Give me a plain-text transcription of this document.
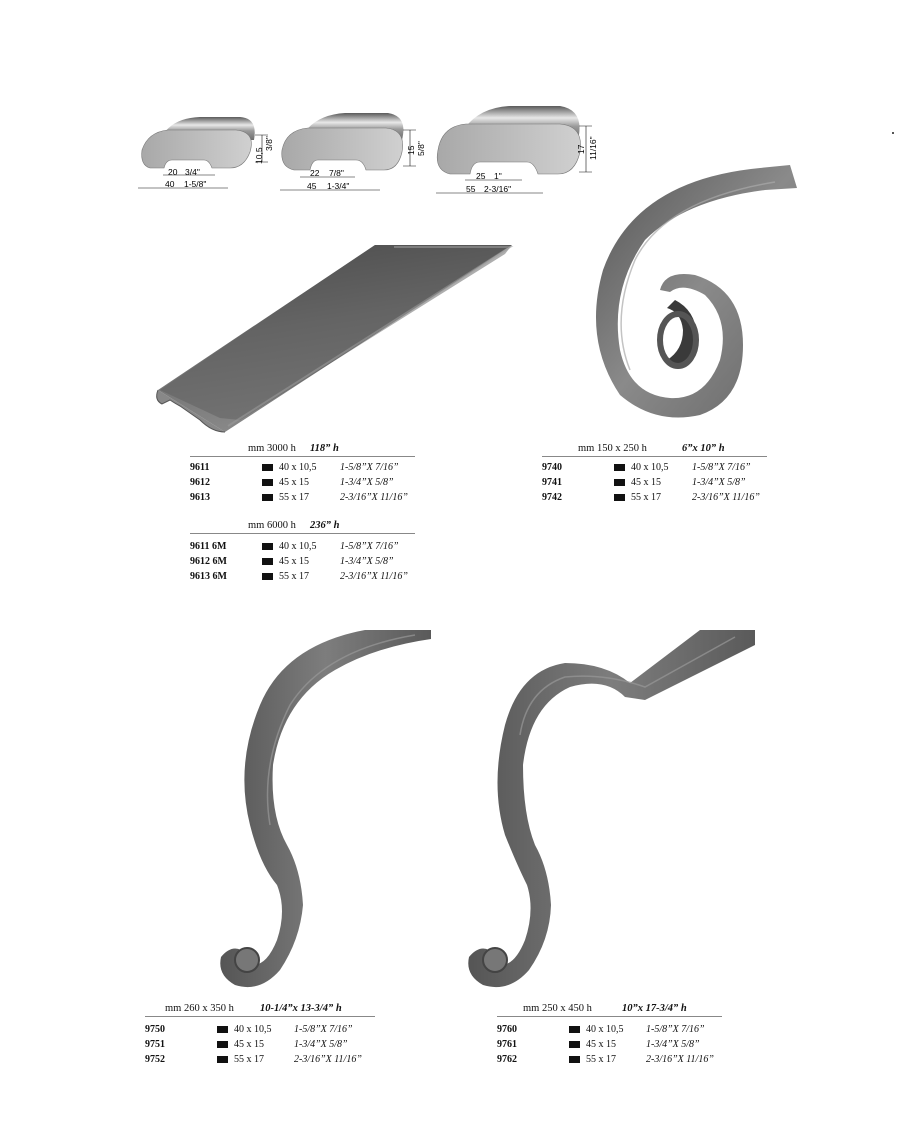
20 3/4"
40 1-5/8"
10,5
3/8"
22 7/8"
45 1-3/4"
15 5/8"
25 1"
55 2-3/16"
17 11/16"
mm 3000 h 118” h
9611	40 x 10,5 1-5/8”X 7/16”
9612	45 x 15	1-3/4”X 5/8”
9613	55 x 17	2-3/16”X 11/16”
mm 6000 h 236” h
9611 6M	40 x 10,5 1-5/8”X 7/16”
9612 6M	45 x 15	1-3/4”X 5/8”
9613 6M	55 x 17	2-3/16”X 11/16”
mm 150 x 250 h	6”x 10” h
9740	40 x 10,5 1-5/8”X 7/16”
9741	45 x 15	1-3/4”X 5/8”
9742	55 x 17	2-3/16”X 11/16”
mm 260 x 350 h 10-1/4”x 13-3/4” h
9750	40 x 10,5 1-5/8”X 7/16”
9751	45 x 15	1-3/4”X 5/8”
9752	55 x 17	2-3/16”X 11/16”
mm 250 x 450 h	10”x 17-3/4” h
9760	40 x 10,5 1-5/8”X 7/16”
9761	45 x 15	1-3/4”X 5/8”
9762	55 x 17	2-3/16”X 11/16”
